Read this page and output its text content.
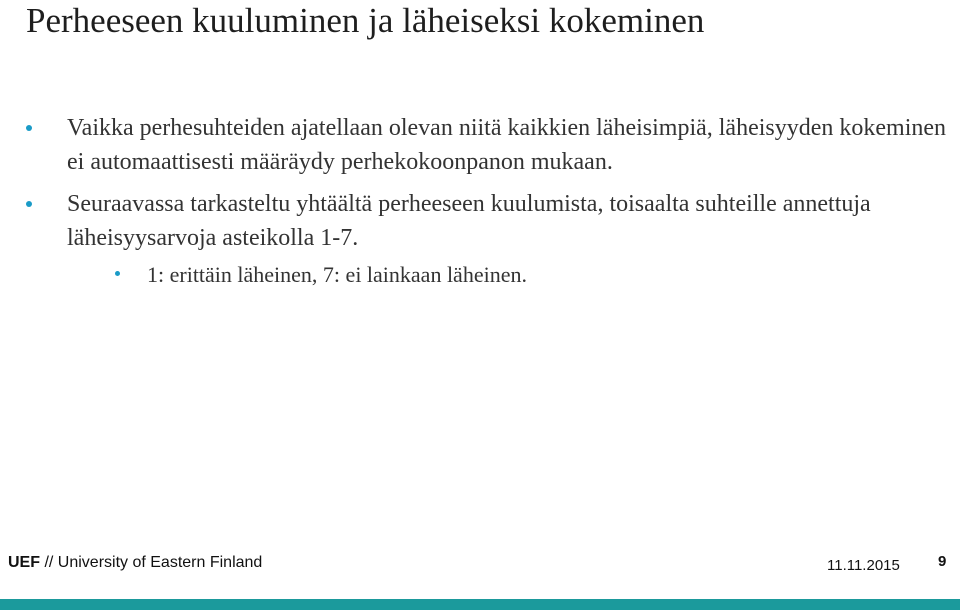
Perheeseen kuuluminen ja läheiseksi kokeminen
Vaikka perhesuhteiden ajatellaan olevan niitä kaikkien läheisimpiä, läheisyyden kokeminen ei automaattisesti määräydy perhekokoonpanon mukaan.
Seuraavassa tarkasteltu yhtäältä perheeseen kuulumista, toisaalta suhteille annettuja läheisyysarvoja asteikolla 1-7.
1: erittäin läheinen, 7: ei lainkaan läheinen.
UEF // University of Eastern Finland	11.11.2015	9
